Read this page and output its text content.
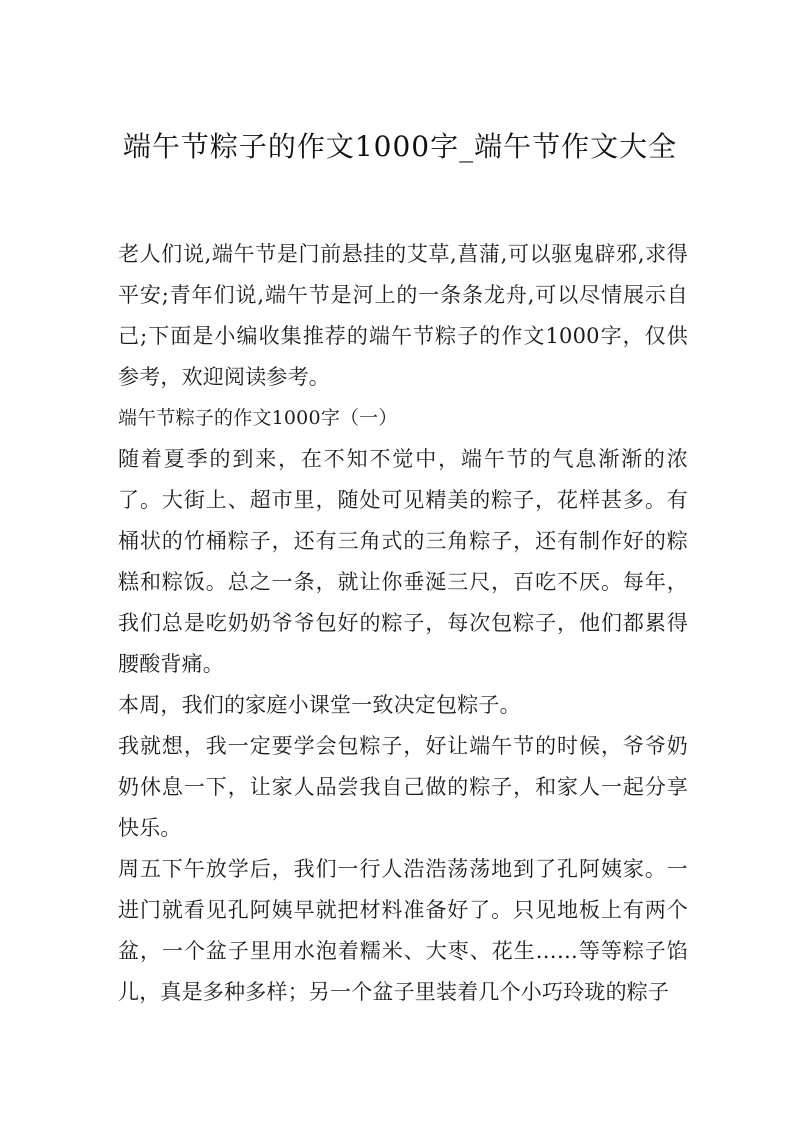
端午节粽子的作文1000字_端午节作文大全

老人们说,端午节是门前悬挂的艾草,菖蒲,可以驱鬼辟邪,求得平安;青年们说,端午节是河上的一条条龙舟,可以尽情展示自己;下面是小编收集推荐的端午节粽子的作文1000字，仅供参考，欢迎阅读参考。

端午节粽子的作文1000字（一）

随着夏季的到来，在不知不觉中，端午节的气息渐渐的浓了。大街上、超市里，随处可见精美的粽子，花样甚多。有桶状的竹桶粽子，还有三角式的三角粽子，还有制作好的粽糕和粽饭。总之一条，就让你垂涎三尺，百吃不厌。每年，我们总是吃奶奶爷爷包好的粽子，每次包粽子，他们都累得腰酸背痛。

本周，我们的家庭小课堂一致决定包粽子。

我就想，我一定要学会包粽子，好让端午节的时候，爷爷奶奶休息一下，让家人品尝我自己做的粽子，和家人一起分享快乐。

周五下午放学后，我们一行人浩浩荡荡地到了孔阿姨家。一进门就看见孔阿姨早就把材料准备好了。只见地板上有两个盆，一个盆子里用水泡着糯米、大枣、花生……等等粽子馅儿，真是多种多样；另一个盆子里装着几个小巧玲珑的粽子
